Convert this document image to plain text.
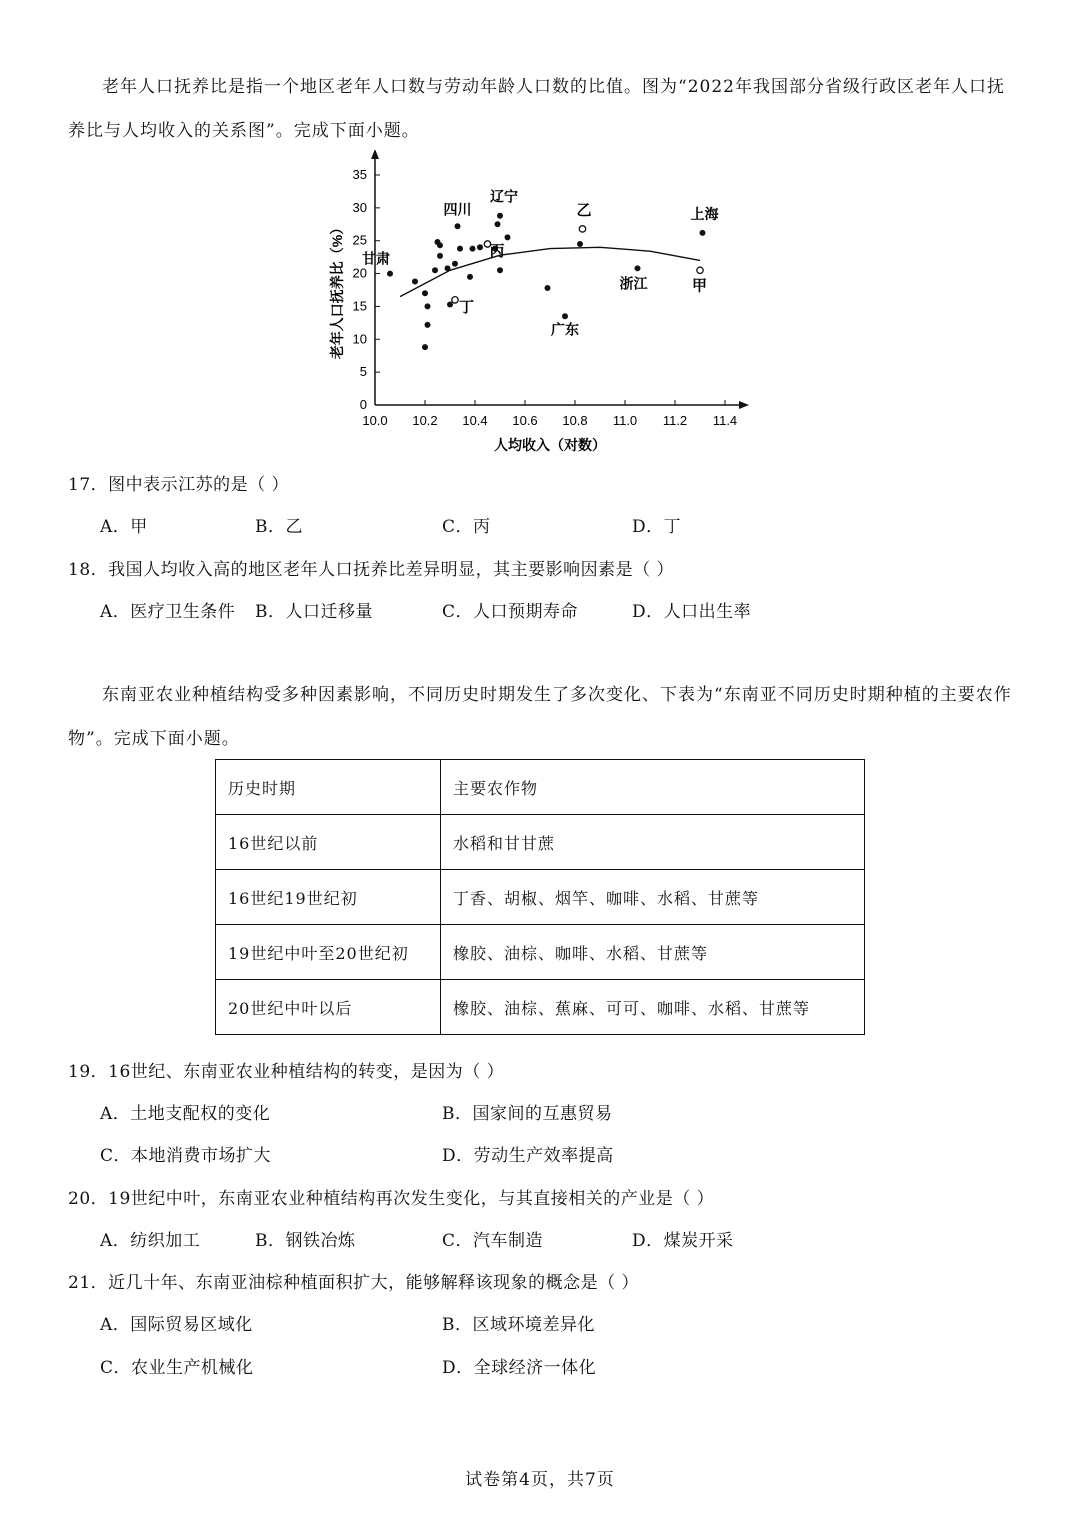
老年人口抚养比是指一个地区老年人口数与劳动年龄人口数的比值。图为“2022年我国部分省级行政区老年人口抚养比与人均收入的关系图”。完成下面小题。
10.0 10.2 10.4 10.6 10.8 11.0 11.2 11.4
0
5
10
15
20
25
30
35
人均收入（对数）
老年人口抚养比（%） 甘肃
四川
辽宁
广东
浙江
上海
丁
丙
乙
甲
17．图中表示江苏的是（ ）
A．甲	B．乙	C．丙	D．丁
18．我国人均收入高的地区老年人口抚养比差异明显，其主要影响因素是（ ）
A．医疗卫生条件 B．人口迁移量	C．人口预期寿命	D．人口出生率
东南亚农业种植结构受多种因素影响，不同历史时期发生了多次变化、下表为“东南亚不同历史时期种植的主要农作物”。完成下面小题。
历史时期	主要农作物
16世纪以前	水稻和甘甘蔗
16世纪19世纪初	丁香、胡椒、烟竿、咖啡、水稻、甘蔗等
19世纪中叶至20世纪初	橡胶、油棕、咖啡、水稻、甘蔗等
20世纪中叶以后	橡胶、油棕、蕉麻、可可、咖啡、水稻、甘蔗等
19．16世纪、东南亚农业种植结构的转变，是因为（ ）
A．土地支配权的变化	B．国家间的互惠贸易
C．本地消费市场扩大	D．劳动生产效率提高
20．19世纪中叶，东南亚农业种植结构再次发生变化，与其直接相关的产业是（ ）
A．纺织加工	B．钢铁冶炼	C．汽车制造	D．煤炭开采
21．近几十年、东南亚油棕种植面积扩大，能够解释该现象的概念是（ ）
A．国际贸易区域化	B．区域环境差异化
C．农业生产机械化	D．全球经济一体化
试卷第4页，共7页
